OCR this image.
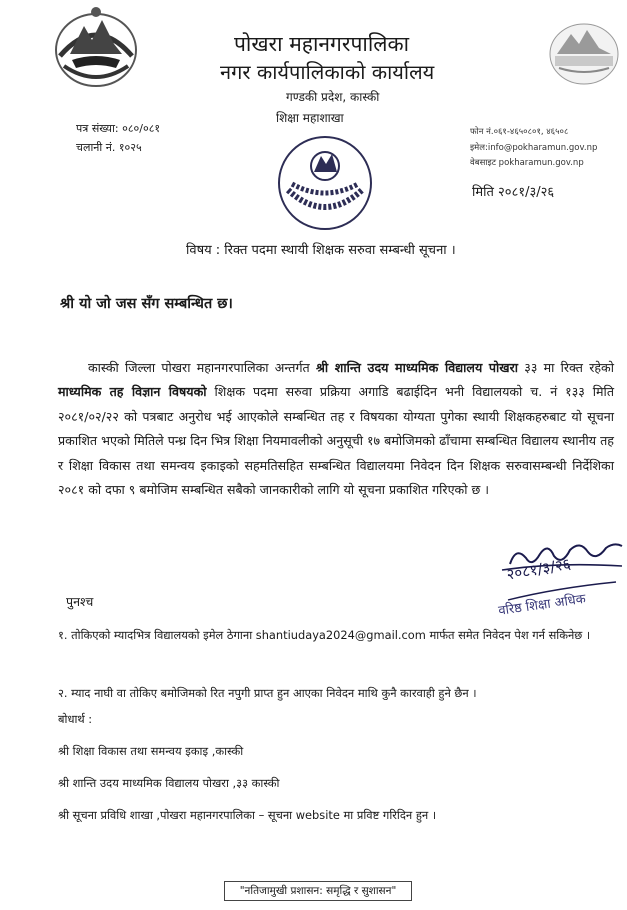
पोखरा महानगरपालिका
नगर कार्यपालिकाको कार्यालय
गण्डकी प्रदेश, कास्की
शिक्षा महाशाखा
पत्र संख्या: ०८०/०८१
चलानी नं. १०२५
फोन नं.०६१-४६५०८०१, ४६५०८
इमेल:info@pokharamun.gov.np
वेबसाइट pokharamun.gov.np
मिति २०८१/३/२६
विषय : रिक्त पदमा स्थायी शिक्षक सरुवा सम्बन्धी सूचना ।
श्री यो जो जस सँग सम्बन्धित छ।
कास्की जिल्ला पोखरा महानगरपालिका अन्तर्गत श्री शान्ति उदय माध्यमिक विद्यालय पोखरा ३३ मा रिक्त रहेको माध्यमिक तह विज्ञान विषयको शिक्षक पदमा सरुवा प्रक्रिया अगाडि बढाईदिन भनी विद्यालयको च. नं १३३ मिति २०८१/०२/२२ को पत्रबाट अनुरोध भई आएकोले सम्बन्धित तह र विषयका योग्यता पुगेका स्थायी शिक्षकहरुबाट यो सूचना प्रकाशित भएको मितिले पन्ध्र दिन भित्र शिक्षा नियमावलीको अनुसूची १७ बमोजिमको ढाँचामा सम्बन्धित विद्यालय स्थानीय तह र शिक्षा विकास तथा समन्वय इकाइको सहमतिसहित सम्बन्धित विद्यालयमा निवेदन दिन शिक्षक सरुवासम्बन्धी निर्देशिका २०८१ को दफा ९ बमोजिम सम्बन्धित सबैको जानकारीको लागि यो सूचना प्रकाशित गरिएको छ ।
२०८१/३/२६
वरिष्ठ शिक्षा अधिक
पुनश्च
१. तोकिएको म्यादभित्र विद्यालयको इमेल ठेगाना shantiudaya2024@gmail.com मार्फत समेत निवेदन पेश गर्न सकिनेछ ।
२. म्याद नाघी वा तोकिए बमोजिमको रित नपुगी प्राप्त हुन आएका निवेदन माथि कुनै कारवाही हुने छैन ।
बोधार्थ :
श्री शिक्षा विकास तथा समन्वय इकाइ ,कास्की
श्री शान्ति उदय माध्यमिक विद्यालय पोखरा ,३३ कास्की
श्री सूचना प्रविधि शाखा ,पोखरा महानगरपालिका – सूचना website मा प्रविष्ट गरिदिन हुन ।
"नतिजामुखी प्रशासन: समृद्धि र सुशासन"
